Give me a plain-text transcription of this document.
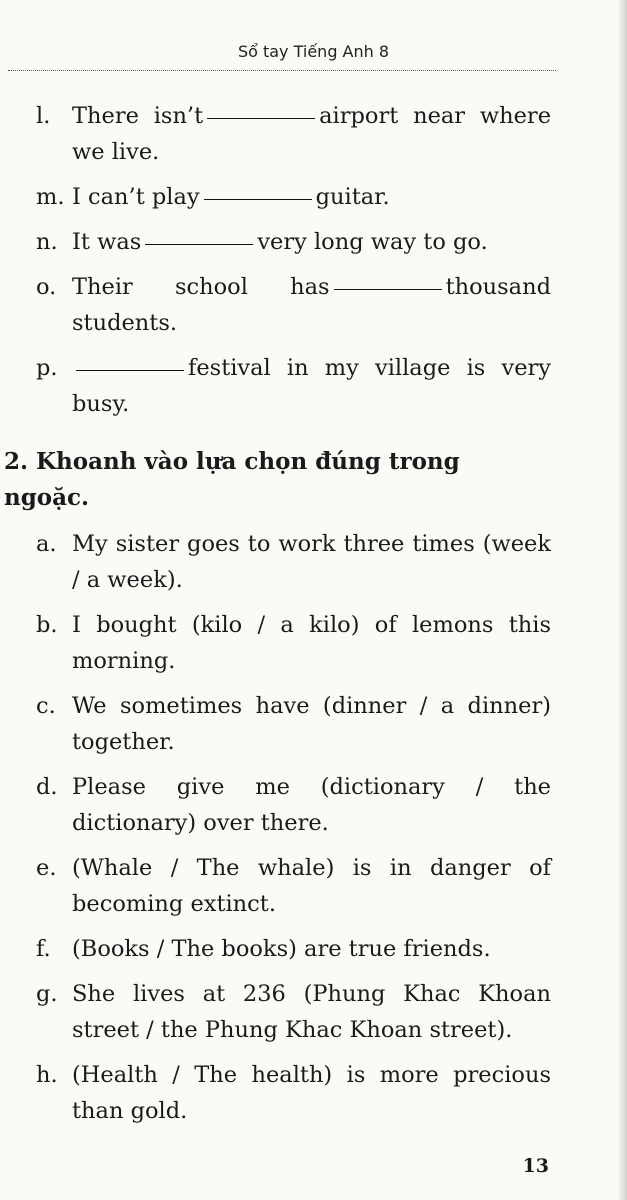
Sổ tay Tiếng Anh 8
l. There isn’t	airport near where we live.
m. I can’t play	guitar.
n. It was	very long way to go.
o. Their school has	thousand students.
p.	festival in my village is very busy.
2. Khoanh vào lựa chọn đúng trong ngoặc.
a. My sister goes to work three times (week / a week).
b. I bought (kilo / a kilo) of lemons this morning.
c. We sometimes have (dinner / a dinner) together.
d. Please give me (dictionary / the dictionary) over there.
e. (Whale / The whale) is in danger of becoming extinct.
f. (Books / The books) are true friends.
g. She lives at 236 (Phung Khac Khoan street / the Phung Khac Khoan street).
h. (Health / The health) is more precious than gold.
13
